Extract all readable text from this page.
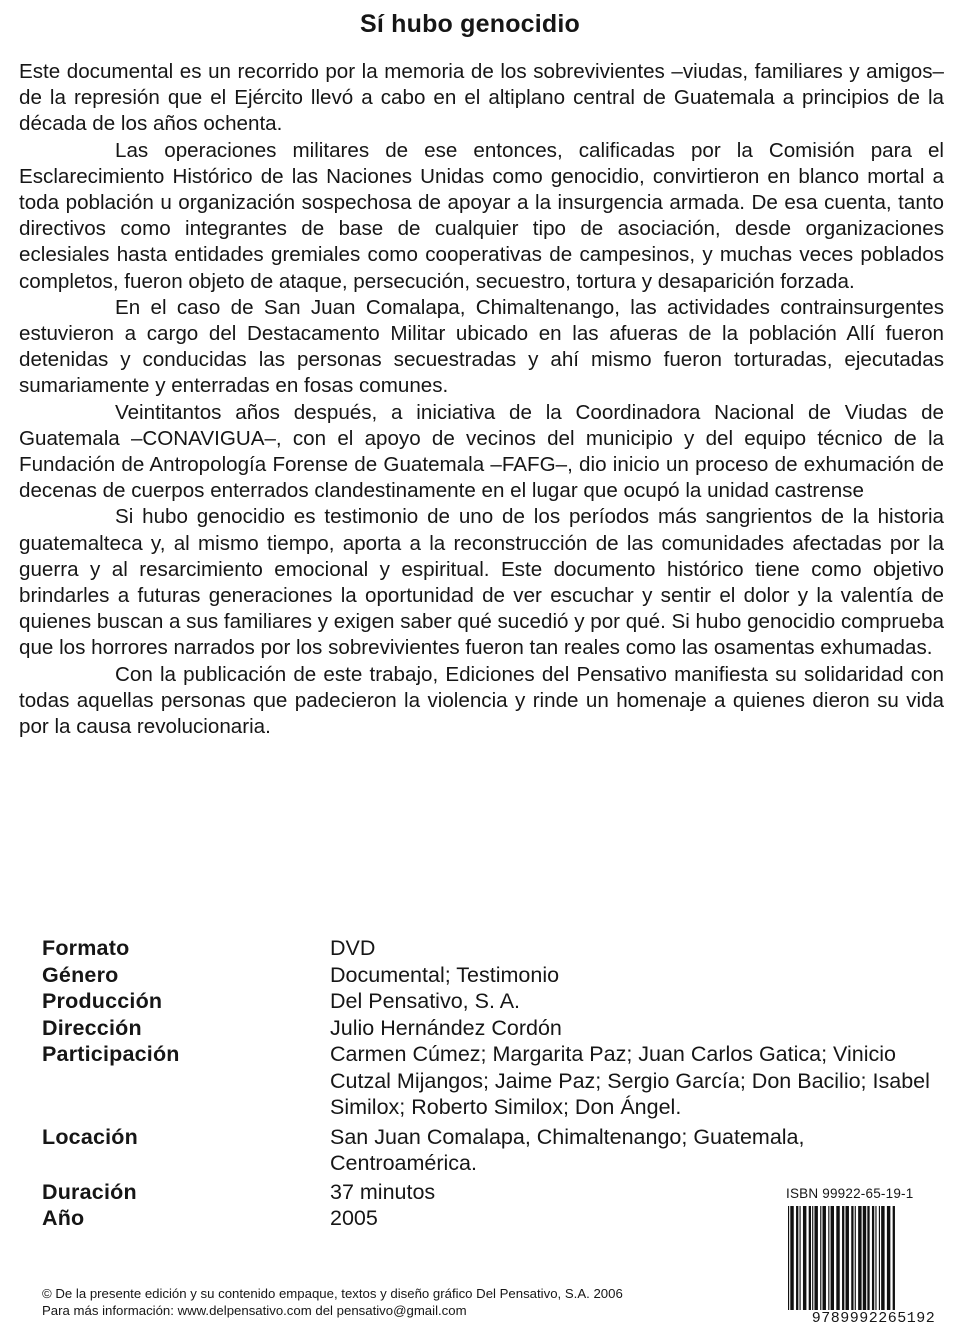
Sí hubo genocidio

Este documental es un recorrido por la memoria de los sobrevivientes –viudas, familiares y amigos– de la represión que el Ejército llevó a cabo en el altiplano central de Guatemala a principios de la década de los años ochenta.

Las operaciones militares de ese entonces, calificadas por la Comisión para el Esclarecimiento Histórico de las Naciones Unidas como genocidio, convirtieron en blanco mortal a toda población u organización sospechosa de apoyar a la insurgencia armada. De esa cuenta, tanto directivos como integrantes de base de cualquier tipo de asociación, desde organizaciones eclesiales hasta entidades gremiales como cooperativas de campesinos, y muchas veces poblados completos, fueron objeto de ataque, persecución, secuestro, tortura y desaparición forzada.

En el caso de San Juan Comalapa, Chimaltenango, las actividades contrainsurgentes estuvieron a cargo del Destacamento Militar ubicado en las afueras de la población Allí fueron detenidas y conducidas las personas secuestradas y ahí mismo fueron torturadas, ejecutadas sumariamente y enterradas en fosas comunes.

Veintitantos años después, a iniciativa de la Coordinadora Nacional de Viudas de Guatemala –CONAVIGUA–, con el apoyo de vecinos del municipio y del equipo técnico de la Fundación de Antropología Forense de Guatemala –FAFG–, dio inicio un proceso de exhumación de decenas de cuerpos enterrados clandestinamente en el lugar que ocupó la unidad castrense

Si hubo genocidio es testimonio de uno de los períodos más sangrientos de la historia guatemalteca y, al mismo tiempo, aporta a la reconstrucción de las comunidades afectadas por la guerra y al resarcimiento emocional y espiritual. Este documento histórico tiene como objetivo brindarles a futuras generaciones la oportunidad de ver escuchar y sentir el dolor y la valentía de quienes buscan a sus familiares y exigen saber qué sucedió y por qué. Si hubo genocidio comprueba que los horrores narrados por los sobrevivientes fueron tan reales como las osamentas exhumadas.

Con la publicación de este trabajo, Ediciones del Pensativo manifiesta su solidaridad con todas aquellas personas que padecieron la violencia y rinde un homenaje a quienes dieron su vida por la causa revolucionaria.

Formato	DVD
Género	Documental; Testimonio
Producción	Del Pensativo, S. A.
Dirección	Julio Hernández Cordón
Participación	Carmen Cúmez; Margarita Paz; Juan Carlos Gatica; Vinicio Cutzal Mijangos; Jaime Paz; Sergio García; Don Bacilio; Isabel Similox; Roberto Similox; Don Ángel.
Locación	San Juan Comalapa, Chimaltenango; Guatemala, Centroamérica.
Duración	37 minutos
Año	2005
ISBN 99922-65-19-1
9789992265192
© De la presente edición y su contenido empaque, textos y diseño gráfico Del Pensativo, S.A. 2006
Para más información: www.delpensativo.com del pensativo@gmail.com
